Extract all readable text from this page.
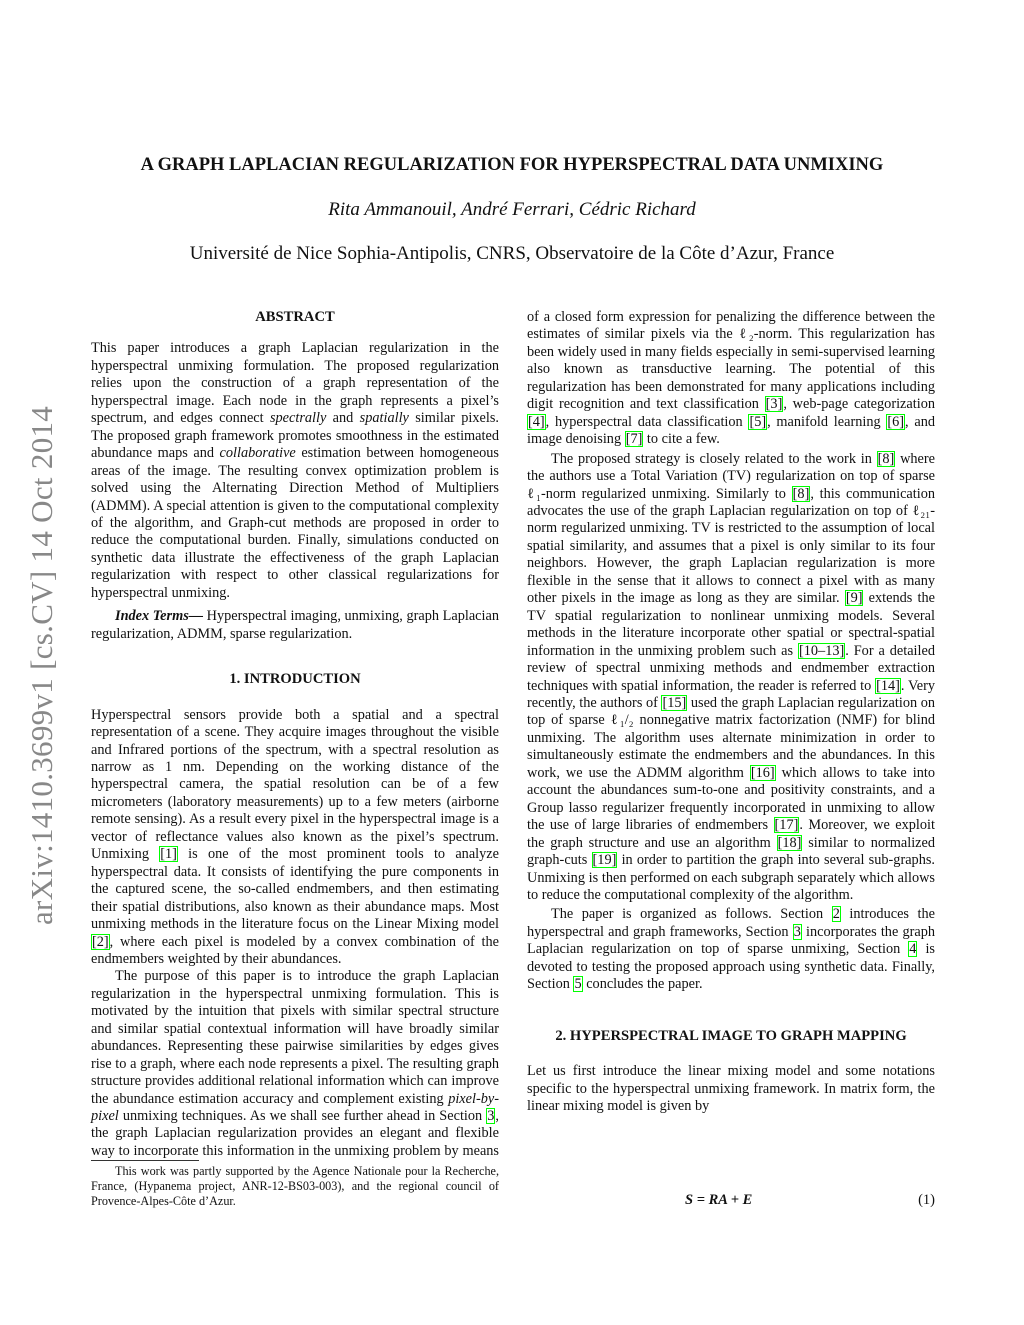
arXiv:1410.3699v1 [cs.CV] 14 Oct 2014
A GRAPH LAPLACIAN REGULARIZATION FOR HYPERSPECTRAL DATA UNMIXING
Rita Ammanouil, André Ferrari, Cédric Richard
Université de Nice Sophia-Antipolis, CNRS, Observatoire de la Côte d’Azur, France
ABSTRACT

This paper introduces a graph Laplacian regularization in the hyperspectral unmixing formulation. The proposed regularization relies upon the construction of a graph representation of the hyperspectral image. Each node in the graph represents a pixel’s spectrum, and edges connect spectrally and spatially similar pixels. The proposed graph framework promotes smoothness in the estimated abundance maps and collaborative estimation between homogeneous areas of the image. The resulting convex optimization problem is solved using the Alternating Direction Method of Multipliers (ADMM). A special attention is given to the computational complexity of the algorithm, and Graph-cut methods are proposed in order to reduce the computational burden. Finally, simulations conducted on synthetic data illustrate the effectiveness of the graph Laplacian regularization with respect to other classical regularizations for hyperspectral unmixing.

Index Terms— Hyperspectral imaging, unmixing, graph Laplacian regularization, ADMM, sparse regularization.

1. INTRODUCTION

Hyperspectral sensors provide both a spatial and a spectral representation of a scene. They acquire images throughout the visible and Infrared portions of the spectrum, with a spectral resolution as narrow as 1 nm. Depending on the working distance of the hyperspectral camera, the spatial resolution can be of a few micrometers (laboratory measurements) up to a few meters (airborne remote sensing). As a result every pixel in the hyperspectral image is a vector of reflectance values also known as the pixel’s spectrum. Unmixing [1] is one of the most prominent tools to analyze hyperspectral data. It consists of identifying the pure components in the captured scene, the so-called endmembers, and then estimating their spatial distributions, also known as their abundance maps. Most unmixing methods in the literature focus on the Linear Mixing model [2], where each pixel is modeled by a convex combination of the endmembers weighted by their abundances.

The purpose of this paper is to introduce the graph Laplacian regularization in the hyperspectral unmixing formulation. This is motivated by the intuition that pixels with similar spectral structure and similar spatial contextual information will have broadly similar abundances. Representing these pairwise similarities by edges gives rise to a graph, where each node represents a pixel. The resulting graph structure provides additional relational information which can improve the abundance estimation accuracy and complement existing pixel-by-pixel unmixing techniques. As we shall see further ahead in Section 3, the graph Laplacian regularization provides an elegant and flexible way to incorporate this information in the unmixing problem by means of a closed form expression for penalizing the difference between the estimates of similar pixels via the ℓ₂-norm. This regularization has been widely used in many fields especially in semi-supervised learning also known as transductive learning. The potential of this regularization has been demonstrated for many applications including digit recognition and text classification [3], web-page categorization [4], hyperspectral data classification [5], manifold learning [6], and image denoising [7] to cite a few.

The proposed strategy is closely related to the work in [8] where the authors use a Total Variation (TV) regularization on top of sparse ℓ₁-norm regularized unmixing. Similarly to [8], this communication advocates the use of the graph Laplacian regularization on top of ℓ₂₁-norm regularized unmixing. TV is restricted to the assumption of local spatial similarity, and assumes that a pixel is only similar to its four neighbors. However, the graph Laplacian regularization is more flexible in the sense that it allows to connect a pixel with as many other pixels in the image as long as they are similar. [9] extends the TV spatial regularization to nonlinear unmixing models. Several methods in the literature incorporate other spatial or spectral-spatial information in the unmixing problem such as [10–13]. For a detailed review of spectral unmixing methods and endmember extraction techniques with spatial information, the reader is referred to [14]. Very recently, the authors of [15] used the graph Laplacian regularization on top of sparse ℓ₁/₂ nonnegative matrix factorization (NMF) for blind unmixing. The algorithm uses alternate minimization in order to simultaneously estimate the endmembers and the abundances. In this work, we use the ADMM algorithm [16] which allows to take into account the abundances sum-to-one and positivity constraints, and a Group lasso regularizer frequently incorporated in unmixing to allow the use of large libraries of endmembers [17]. Moreover, we exploit the graph structure and use an algorithm [18] similar to normalized graph-cuts [19] in order to partition the graph into several sub-graphs. Unmixing is then performed on each subgraph separately which allows to reduce the computational complexity of the algorithm.

The paper is organized as follows. Section 2 introduces the hyperspectral and graph frameworks, Section 3 incorporates the graph Laplacian regularization on top of sparse unmixing, Section 4 is devoted to testing the proposed approach using synthetic data. Finally, Section 5 concludes the paper.

2. HYPERSPECTRAL IMAGE TO GRAPH MAPPING

Let us first introduce the linear mixing model and some notations specific to the hyperspectral unmixing framework. In matrix form, the linear mixing model is given by

This work was partly supported by the Agence Nationale pour la Recherche, France, (Hypanema project, ANR-12-BS03-003), and the regional council of Provence-Alpes-Côte d’Azur.	S = RA + E	(1)
